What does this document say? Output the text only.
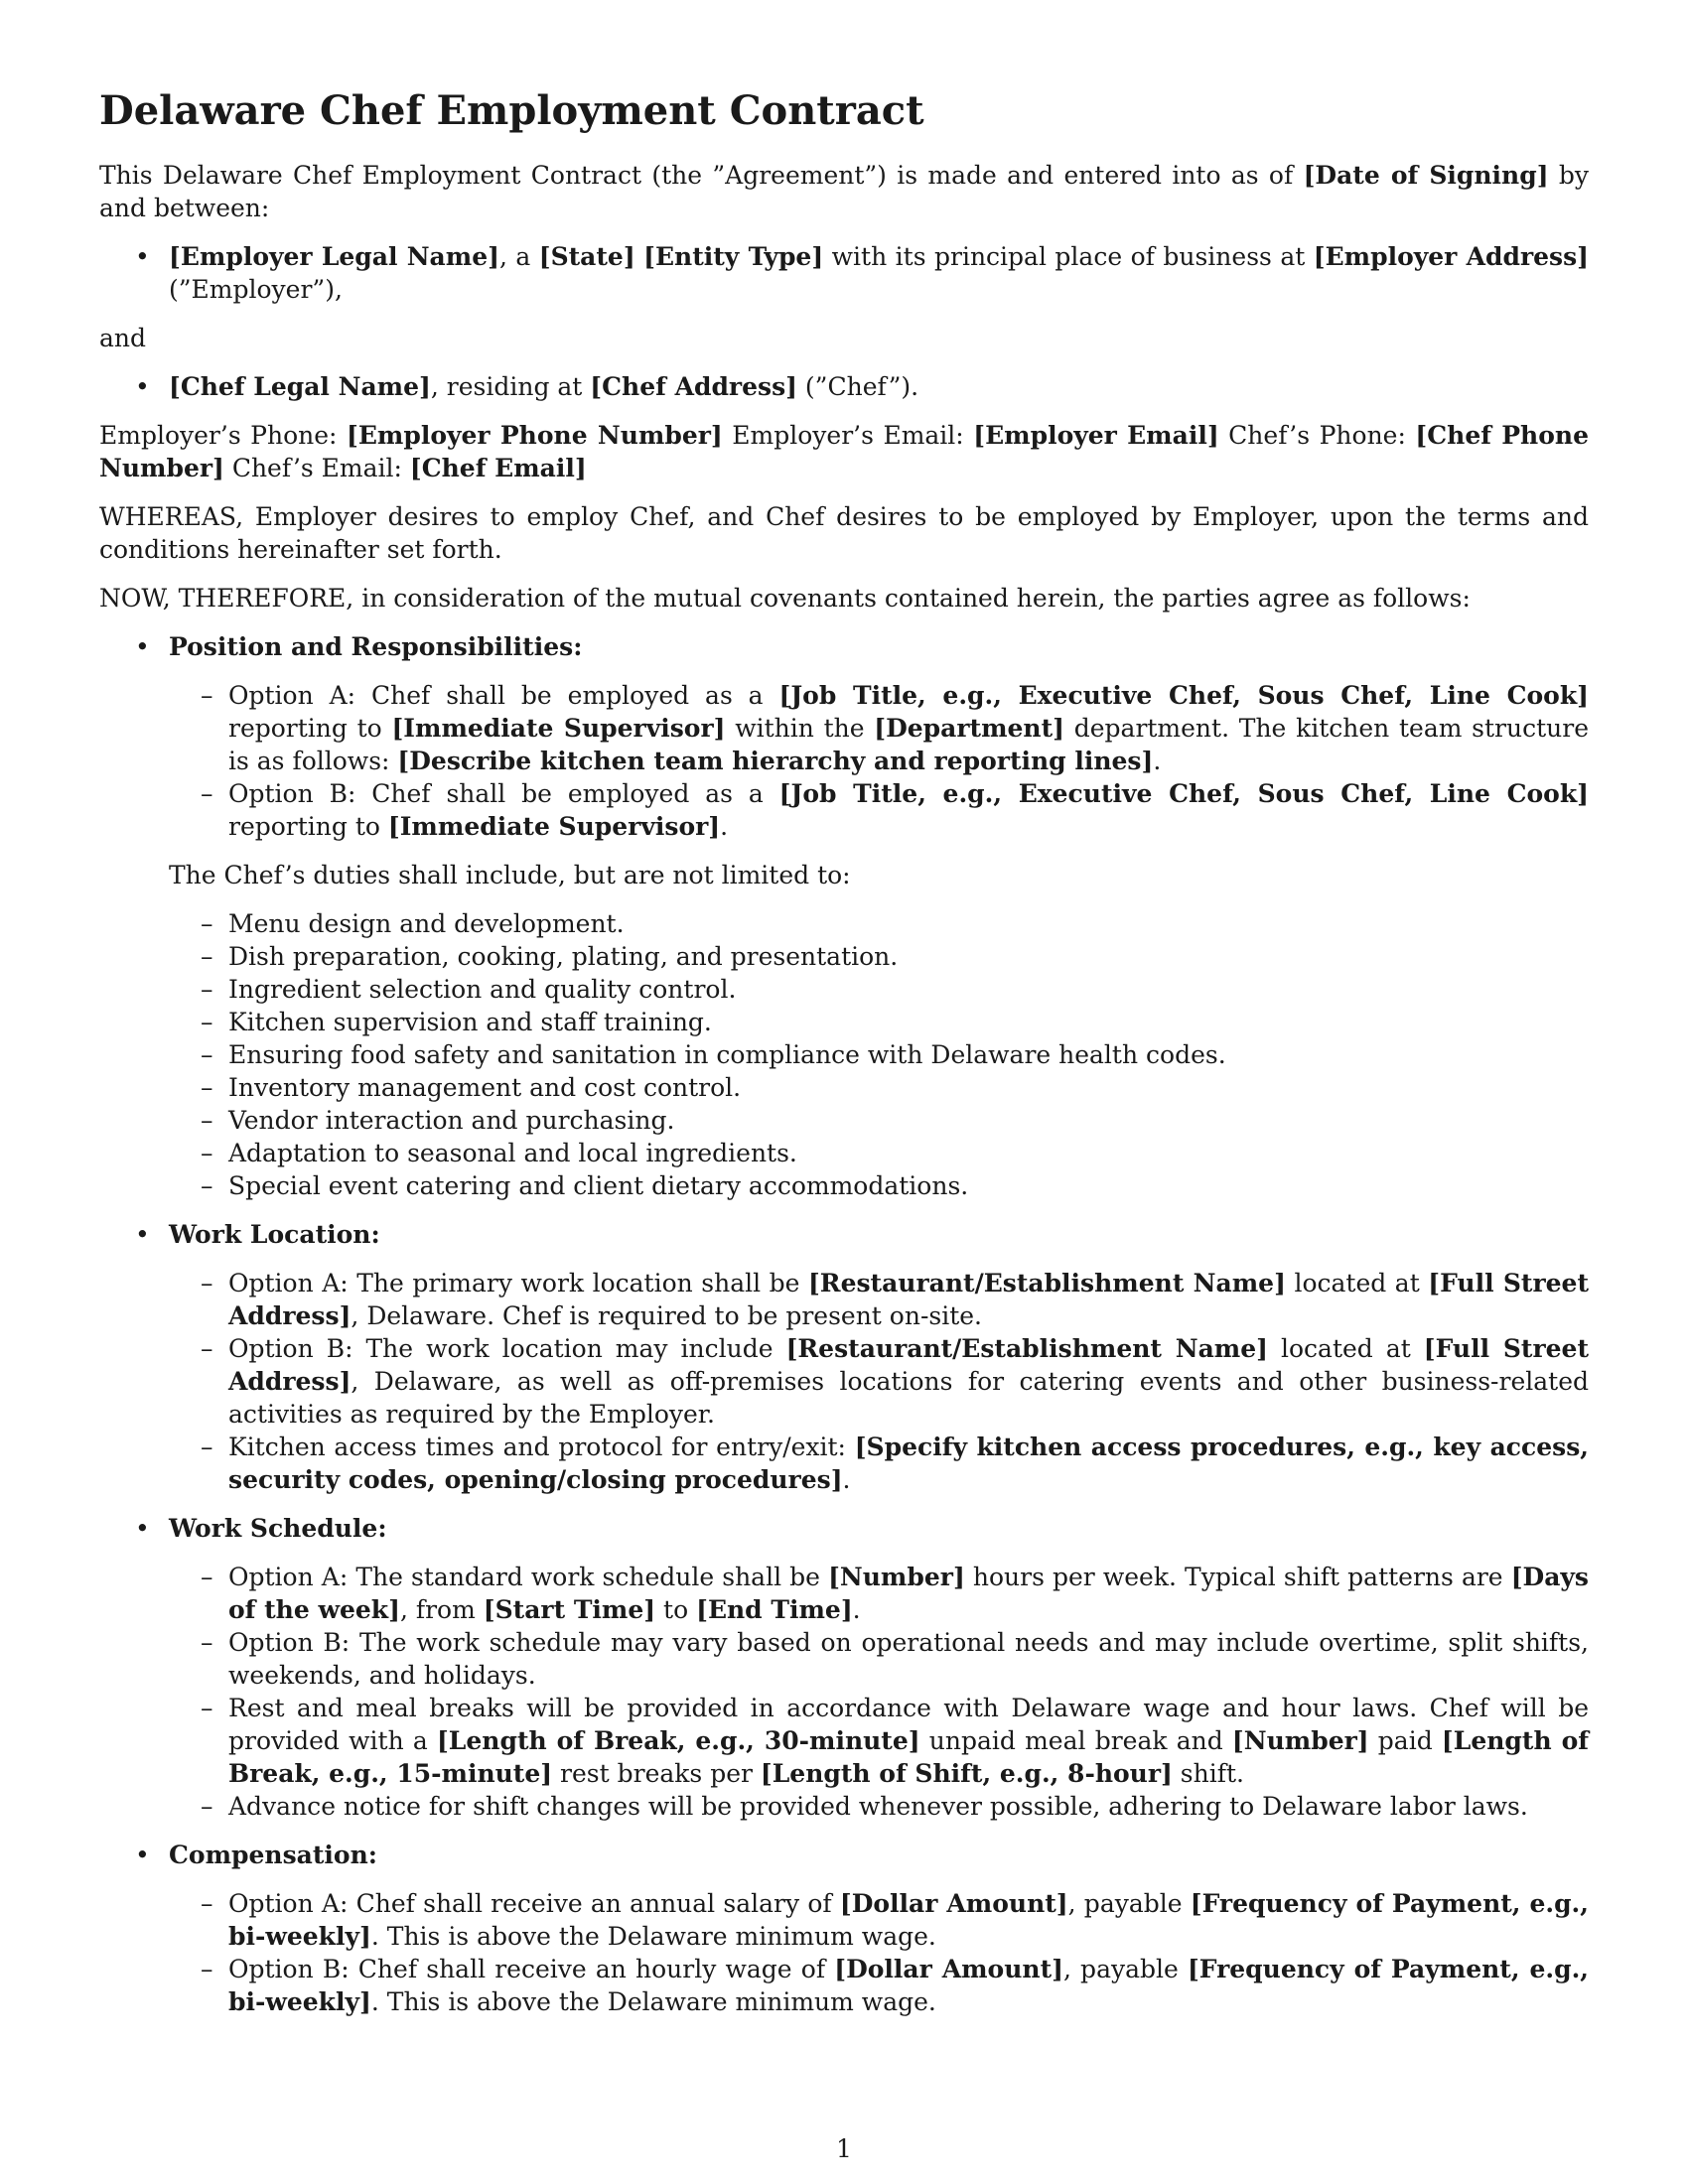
Delaware Chef Employment Contract

This Delaware Chef Employment Contract (the ”Agreement”) is made and entered into as of [Date of Signing] by and between:

• [Employer Legal Name], a [State] [Entity Type] with its principal place of business at [Employer Address] (”Employer”),

and

• [Chef Legal Name], residing at [Chef Address] (”Chef”).

Employer’s Phone: [Employer Phone Number] Employer’s Email: [Employer Email] Chef’s Phone: [Chef Phone Number] Chef’s Email: [Chef Email]

WHEREAS, Employer desires to employ Chef, and Chef desires to be employed by Employer, upon the terms and conditions hereinafter set forth.

NOW, THEREFORE, in consideration of the mutual covenants contained herein, the parties agree as follows:

• Position and Responsibilities:
– Option A: Chef shall be employed as a [Job Title, e.g., Executive Chef, Sous Chef, Line Cook] reporting to [Immediate Supervisor] within the [Department] department. The kitchen team structure is as follows: [Describe kitchen team hierarchy and reporting lines].
– Option B: Chef shall be employed as a [Job Title, e.g., Executive Chef, Sous Chef, Line Cook] reporting to [Immediate Supervisor].

The Chef’s duties shall include, but are not limited to:

– Menu design and development.
– Dish preparation, cooking, plating, and presentation.
– Ingredient selection and quality control.
– Kitchen supervision and staff training.
– Ensuring food safety and sanitation in compliance with Delaware health codes.
– Inventory management and cost control.
– Vendor interaction and purchasing.
– Adaptation to seasonal and local ingredients.
– Special event catering and client dietary accommodations.
• Work Location:
– Option A: The primary work location shall be [Restaurant/Establishment Name] located at [Full Street Address], Delaware. Chef is required to be present on-site.
– Option B: The work location may include [Restaurant/Establishment Name] located at [Full Street Address], Delaware, as well as off-premises locations for catering events and other business-related activities as required by the Employer.
– Kitchen access times and protocol for entry/exit: [Specify kitchen access procedures, e.g., key access, security codes, opening/closing procedures].
• Work Schedule:
– Option A: The standard work schedule shall be [Number] hours per week. Typical shift patterns are [Days of the week], from [Start Time] to [End Time].
– Option B: The work schedule may vary based on operational needs and may include overtime, split shifts, weekends, and holidays.
– Rest and meal breaks will be provided in accordance with Delaware wage and hour laws. Chef will be provided with a [Length of Break, e.g., 30-minute] unpaid meal break and [Number] paid [Length of Break, e.g., 15-minute] rest breaks per [Length of Shift, e.g., 8-hour] shift.
– Advance notice for shift changes will be provided whenever possible, adhering to Delaware labor laws.
• Compensation:
– Option A: Chef shall receive an annual salary of [Dollar Amount], payable [Frequency of Payment, e.g., bi-weekly]. This is above the Delaware minimum wage.
– Option B: Chef shall receive an hourly wage of [Dollar Amount], payable [Frequency of Payment, e.g., bi-weekly]. This is above the Delaware minimum wage.
1
